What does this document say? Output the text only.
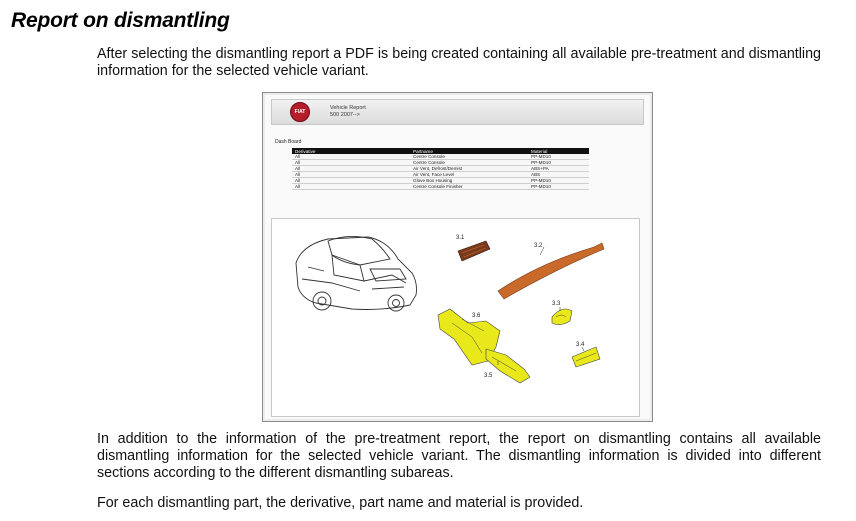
Report on dismantling

After selecting the dismantling report a PDF is being created containing all available pre-treatment and dismantling information for the selected vehicle variant.

FIAT
Vehicle Report
500 2007-->
Dash Board
Derivative	Partname	Material
All	Centre Console	PP-MD10
All	Centre Console	PP-MD10
All	Air Vent, Defrost/Demist	ABS+PA
All	Air Vent, Face Level	ABS
All	Glove Box Housing	PP-MD10
All	Centre Console Finisher	PP-MD10
3.1
3.2
3.3
3.4
3.5
3.6

In addition to the information of the pre-treatment report, the report on dismantling contains all available dismantling information for the selected vehicle variant. The dismantling information is divided into different sections according to the different dismantling subareas.

For each dismantling part, the derivative, part name and material is provided.
